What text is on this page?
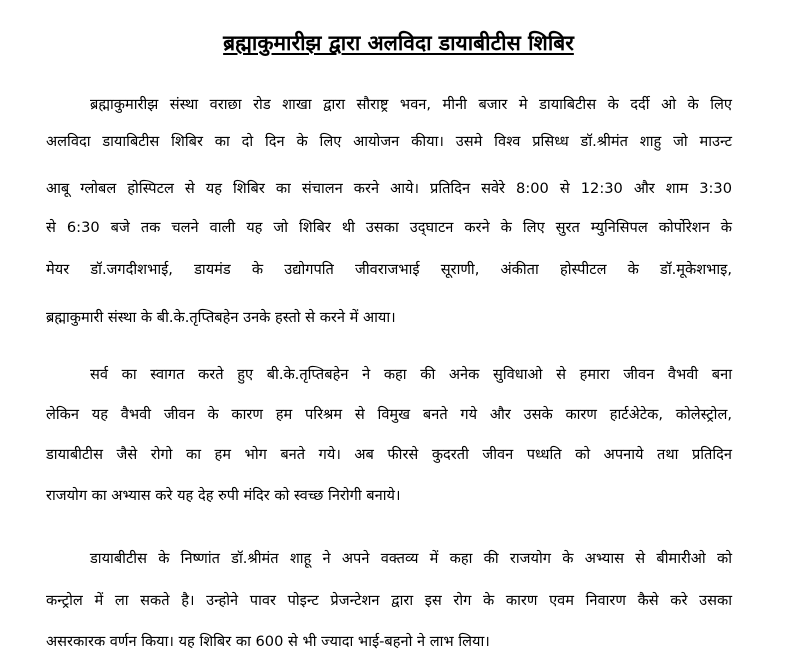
ब्रह्माकुमारीझ द्वारा अलविदा डायाबीटीस शिबिर
ब्रह्माकुमारीझ संस्था वराछा रोड शाखा द्वारा सौराष्ट्र भवन, मीनी बजार मे डायाबिटीस के दर्दी ओ के लिए
अलविदा डायाबिटीस शिबिर का दो दिन के लिए आयोजन कीया। उसमे विश्व प्रसिध्ध डॉ.श्रीमंत शाहु जो माउन्ट
आबू ग्लोबल होस्पिटल से यह शिबिर का संचालन करने आये। प्रतिदिन सवेरे 8:00 से 12:30 और शाम 3:30
से 6:30 बजे तक चलने वाली यह जो शिबिर थी उसका उद्‌घाटन करने के लिए सुरत म्युनिसिपल कोर्पोरेशन के
मेयर डॉ.जगदीशभाई, डायमंड के उद्योगपति जीवराजभाई सूराणी, अंकीता होस्पीटल के डॉ.मूकेशभाइ,
ब्रह्माकुमारी संस्था के बी.के.तृप्तिबहेन उनके हस्तो से करने में आया।
सर्व का स्वागत करते हुए बी.के.तृप्तिबहेन ने कहा की अनेक सुविधाओ से हमारा जीवन वैभवी बना
लेकिन यह वैभवी जीवन के कारण हम परिश्रम से विमुख बनते गये और उसके कारण हार्टअेटेक, कोलेस्ट्रोल,
डायाबीटीस जैसे रोगो का हम भोग बनते गये। अब फीरसे कुदरती जीवन पध्धति को अपनाये तथा प्रतिदिन
राजयोग का अभ्यास करे यह देह रुपी मंदिर को स्वच्छ निरोगी बनाये।
डायाबीटीस के निष्णांत डॉ.श्रीमंत शाहू ने अपने वक्तव्य में कहा की राजयोग के अभ्यास से बीमारीओ को
कन्ट्रोल में ला सकते है। उन्होने पावर पोइन्ट प्रेजन्टेशन द्वारा इस रोग के कारण एवम निवारण कैसे करे उसका
असरकारक वर्णन किया। यह शिबिर का 600 से भी ज्यादा भाई-बहनो ने लाभ लिया।
